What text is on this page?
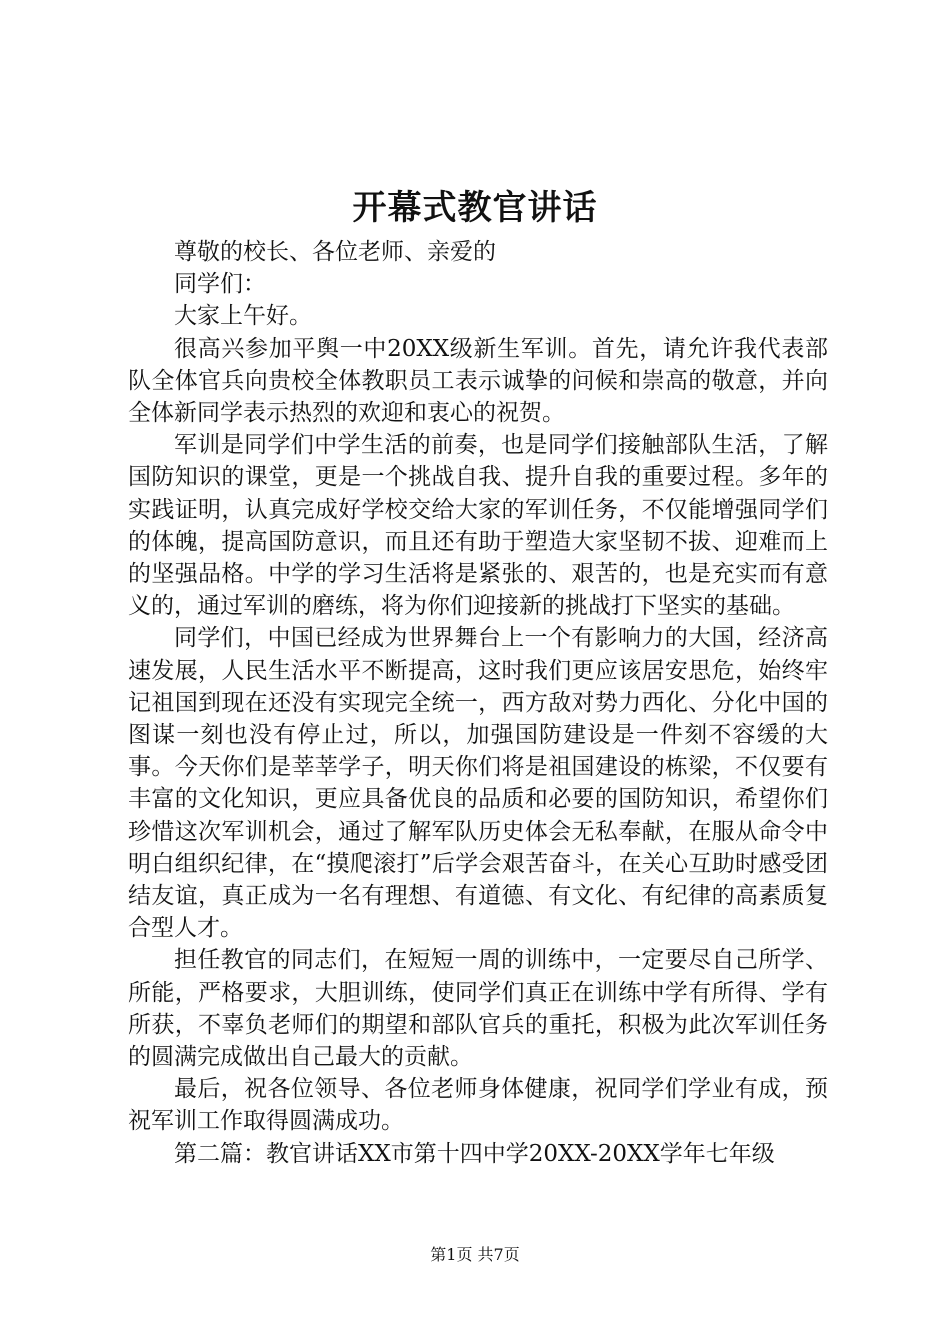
开幕式教官讲话

尊敬的校长、各位老师、亲爱的

同学们：

大家上午好。

很高兴参加平舆一中20XX级新生军训。首先，请允许我代表部队全体官兵向贵校全体教职员工表示诚挚的问候和崇高的敬意，并向全体新同学表示热烈的欢迎和衷心的祝贺。

军训是同学们中学生活的前奏，也是同学们接触部队生活，了解国防知识的课堂，更是一个挑战自我、提升自我的重要过程。多年的实践证明，认真完成好学校交给大家的军训任务，不仅能增强同学们的体魄，提高国防意识，而且还有助于塑造大家坚韧不拔、迎难而上的坚强品格。中学的学习生活将是紧张的、艰苦的，也是充实而有意义的，通过军训的磨练，将为你们迎接新的挑战打下坚实的基础。

同学们，中国已经成为世界舞台上一个有影响力的大国，经济高速发展，人民生活水平不断提高，这时我们更应该居安思危，始终牢记祖国到现在还没有实现完全统一，西方敌对势力西化、分化中国的图谋一刻也没有停止过，所以，加强国防建设是一件刻不容缓的大事。今天你们是莘莘学子，明天你们将是祖国建设的栋梁，不仅要有丰富的文化知识，更应具备优良的品质和必要的国防知识，希望你们珍惜这次军训机会，通过了解军队历史体会无私奉献，在服从命令中明白组织纪律，在“摸爬滚打”后学会艰苦奋斗，在关心互助时感受团结友谊，真正成为一名有理想、有道德、有文化、有纪律的高素质复合型人才。

担任教官的同志们，在短短一周的训练中，一定要尽自己所学、所能，严格要求，大胆训练，使同学们真正在训练中学有所得、学有所获，不辜负老师们的期望和部队官兵的重托，积极为此次军训任务的圆满完成做出自己最大的贡献。

最后，祝各位领导、各位老师身体健康，祝同学们学业有成，预祝军训工作取得圆满成功。

第二篇：教官讲话XX市第十四中学20XX-20XX学年七年级

第1页 共7页
